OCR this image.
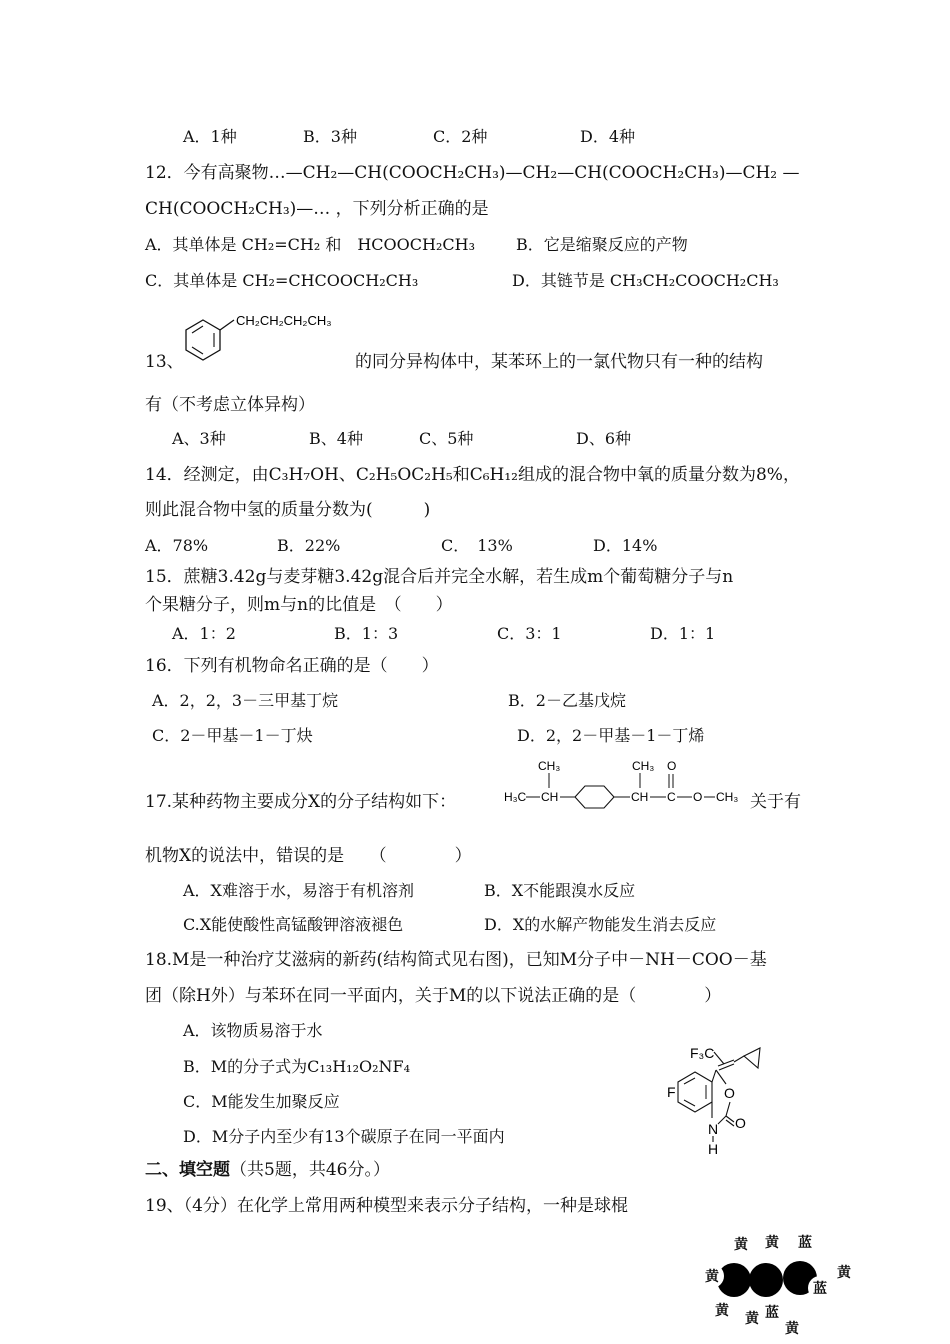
A．1种	B．3种	C．2种	D．4种
12．今有高聚物…—CH₂—CH(COOCH₂CH₃)—CH₂—CH(COOCH₂CH₃)—CH₂ —
CH(COOCH₂CH₃)—… ，下列分析正确的是
A．其单体是 CH₂=CH₂ 和　HCOOCH₂CH₃	B．它是缩聚反应的产物
C．其单体是 CH₂=CHCOOCH₂CH₃	D．其链节是 CH₃CH₂COOCH₂CH₃
13、
CH₂CH₂CH₂CH₃
的同分异构体中，某苯环上的一氯代物只有一种的结构
有（不考虑立体异构）
A、3种	B、4种	C、5种	D、6种
14．经测定，由C₃H₇OH、C₂H₅OC₂H₅和C₆H₁₂组成的混合物中氧的质量分数为8%，
则此混合物中氢的质量分数为(　　　)
A．78%	B．22%	C．　13%	D．14%
15．蔗糖3.42g与麦芽糖3.42g混合后并完全水解，若生成m个葡萄糖分子与n
个果糖分子，则m与n的比值是　（　　）
A．1：2	B．1：3	C．3：1	D．1：1
16．下列有机物命名正确的是（　　）
A．2，2，3－三甲基丁烷	B．2－乙基戊烷
C．2－甲基－1－丁炔	D．2，2－甲基－1－丁烯
17.某种药物主要成分X的分子结构如下：
CH₃
H₃C CH
CH₃
CH C
O
O CH₃ 关于有
机物X的说法中，错误的是　　（　　　　）
A．X难溶于水，易溶于有机溶剂	B．X不能跟溴水反应
C.X能使酸性高锰酸钾溶液褪色	D．X的水解产物能发生消去反应
18.M是一种治疗艾滋病的新药(结构简式见右图)，已知M分子中－NH－COO－基
团（除H外）与苯环在同一平面内，关于M的以下说法正确的是（　　　　）
A．该物质易溶于水
B．M的分子式为C₁₃H₁₂O₂NF₄
C．M能发生加聚反应
D．M分子内至少有13个碳原子在同一平面内
F₃C
F	O
O
N
H
二、填空题（共5题，共46分。）
19、（4分）在化学上常用两种模型来表示分子结构，一种是球棍
黄 黄
黄
蓝
黄
蓝
黄	蓝
黄
黄
